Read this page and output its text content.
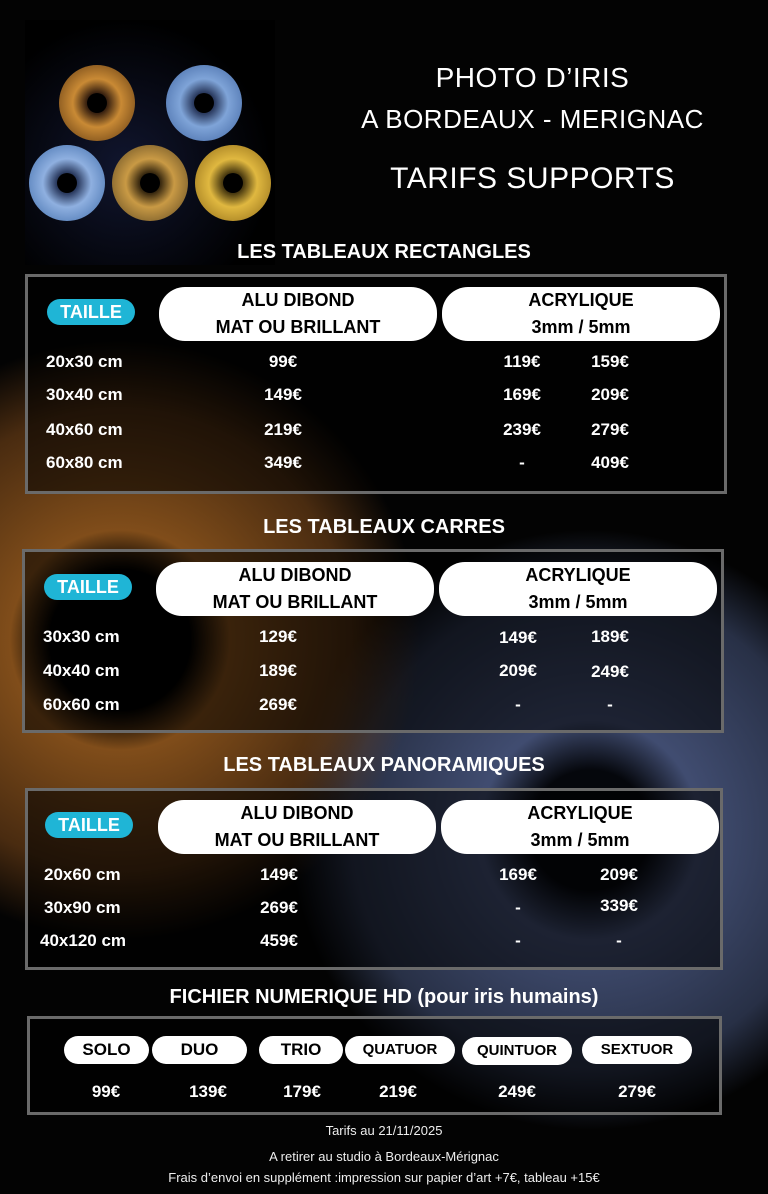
PHOTO D’IRIS
A BORDEAUX - MERIGNAC
TARIFS SUPPORTS
LES TABLEAUX RECTANGLES
TAILLE
ALU DIBOND
MAT OU BRILLANT
ACRYLIQUE
3mm / 5mm
20x30 cm	99€	119€	159€
30x40 cm	149€	169€	209€
40x60 cm	219€	239€	279€
60x80 cm	349€	-	409€
LES TABLEAUX CARRES
TAILLE
ALU DIBOND
MAT OU BRILLANT
ACRYLIQUE
3mm / 5mm
30x30 cm	129€	149€	189€
40x40 cm	189€	209€	249€
60x60 cm	269€	-	-
LES TABLEAUX PANORAMIQUES
TAILLE
ALU DIBOND
MAT OU BRILLANT
ACRYLIQUE
3mm / 5mm
20x60 cm	149€	169€	209€
30x90 cm	269€	-	339€
40x120 cm	459€	-	-
FICHIER NUMERIQUE HD (pour iris humains)
SOLO	DUO	TRIO	QUATUOR	QUINTUOR	SEXTUOR
99€	139€	179€	219€	249€	279€
Tarifs au 21/11/2025
A retirer au studio à Bordeaux-Mérignac
Frais d’envoi en supplément :impression sur papier d’art +7€, tableau +15€
